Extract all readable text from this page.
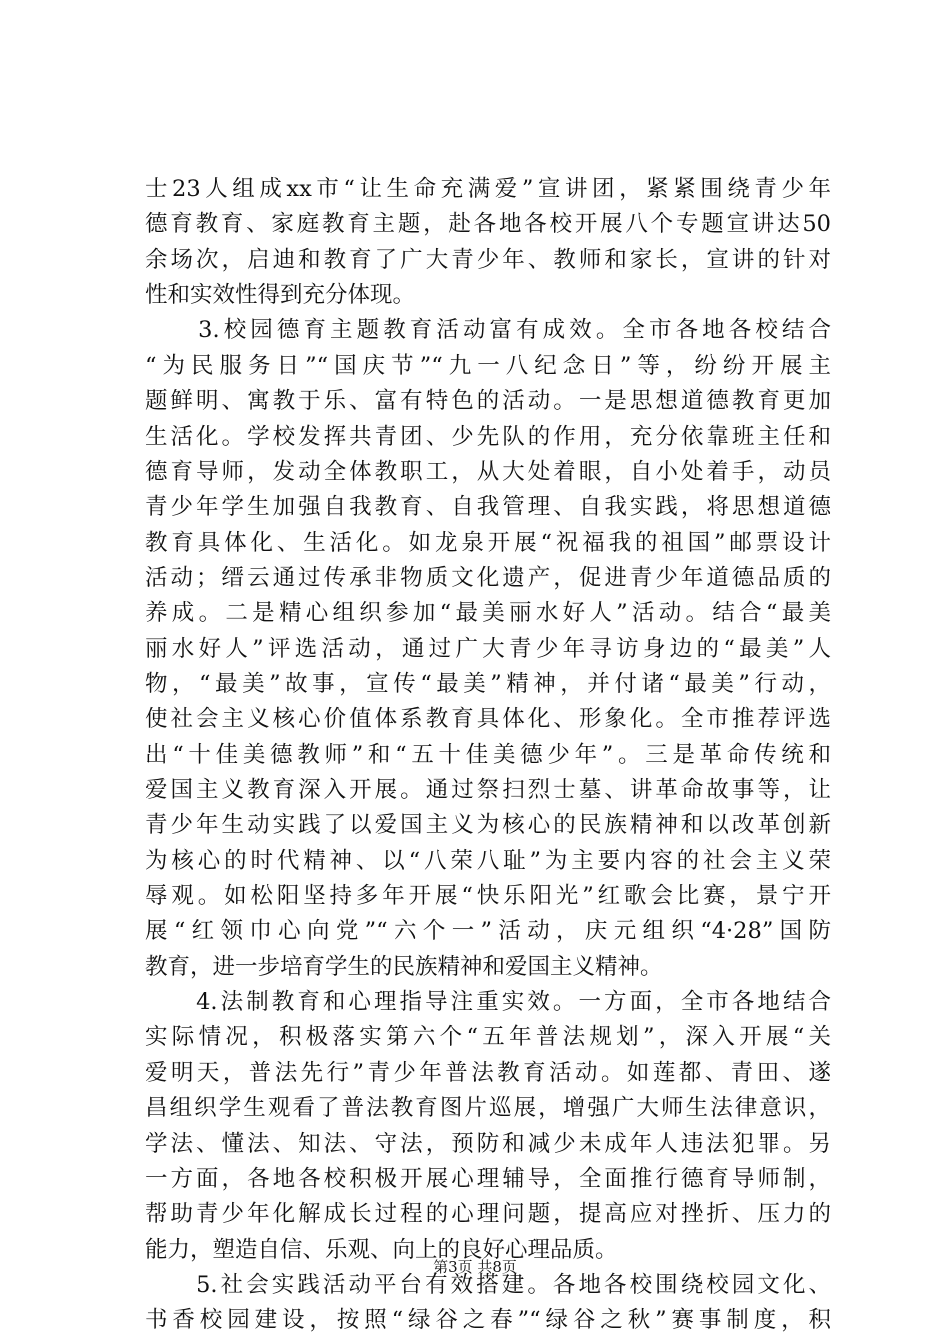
士23人组成xx市“让生命充满爱”宣讲团，紧紧围绕青少年
德育教育、家庭教育主题，赴各地各校开展八个专题宣讲达50
余场次，启迪和教育了广大青少年、教师和家长，宣讲的针对
性和实效性得到充分体现。
　　3.校园德育主题教育活动富有成效。全市各地各校结合
“为民服务日”“国庆节”“九一八纪念日”等，纷纷开展主
题鲜明、寓教于乐、富有特色的活动。一是思想道德教育更加
生活化。学校发挥共青团、少先队的作用，充分依靠班主任和
德育导师，发动全体教职工，从大处着眼，自小处着手，动员
青少年学生加强自我教育、自我管理、自我实践，将思想道德
教育具体化、生活化。如龙泉开展“祝福我的祖国”邮票设计
活动；缙云通过传承非物质文化遗产，促进青少年道德品质的
养成。二是精心组织参加“最美丽水好人”活动。结合“最美
丽水好人”评选活动，通过广大青少年寻访身边的“最美”人
物，“最美”故事，宣传“最美”精神，并付诸“最美”行动，
使社会主义核心价值体系教育具体化、形象化。全市推荐评选
出“十佳美德教师”和“五十佳美德少年”。三是革命传统和
爱国主义教育深入开展。通过祭扫烈士墓、讲革命故事等，让
青少年生动实践了以爱国主义为核心的民族精神和以改革创新
为核心的时代精神、以“八荣八耻”为主要内容的社会主义荣
辱观。如松阳坚持多年开展“快乐阳光”红歌会比赛，景宁开
展“红领巾心向党”“六个一”活动，庆元组织“4·28”国防
教育，进一步培育学生的民族精神和爱国主义精神。
　　4.法制教育和心理指导注重实效。一方面，全市各地结合
实际情况，积极落实第六个“五年普法规划”，深入开展“关
爱明天，普法先行”青少年普法教育活动。如莲都、青田、遂
昌组织学生观看了普法教育图片巡展，增强广大师生法律意识，
学法、懂法、知法、守法，预防和减少未成年人违法犯罪。另
一方面，各地各校积极开展心理辅导，全面推行德育导师制，
帮助青少年化解成长过程的心理问题，提高应对挫折、压力的
能力，塑造自信、乐观、向上的良好心理品质。
　　5.社会实践活动平台有效搭建。各地各校围绕校园文化、
书香校园建设，按照“绿谷之春”“绿谷之秋”赛事制度，积
第3页 共8页
